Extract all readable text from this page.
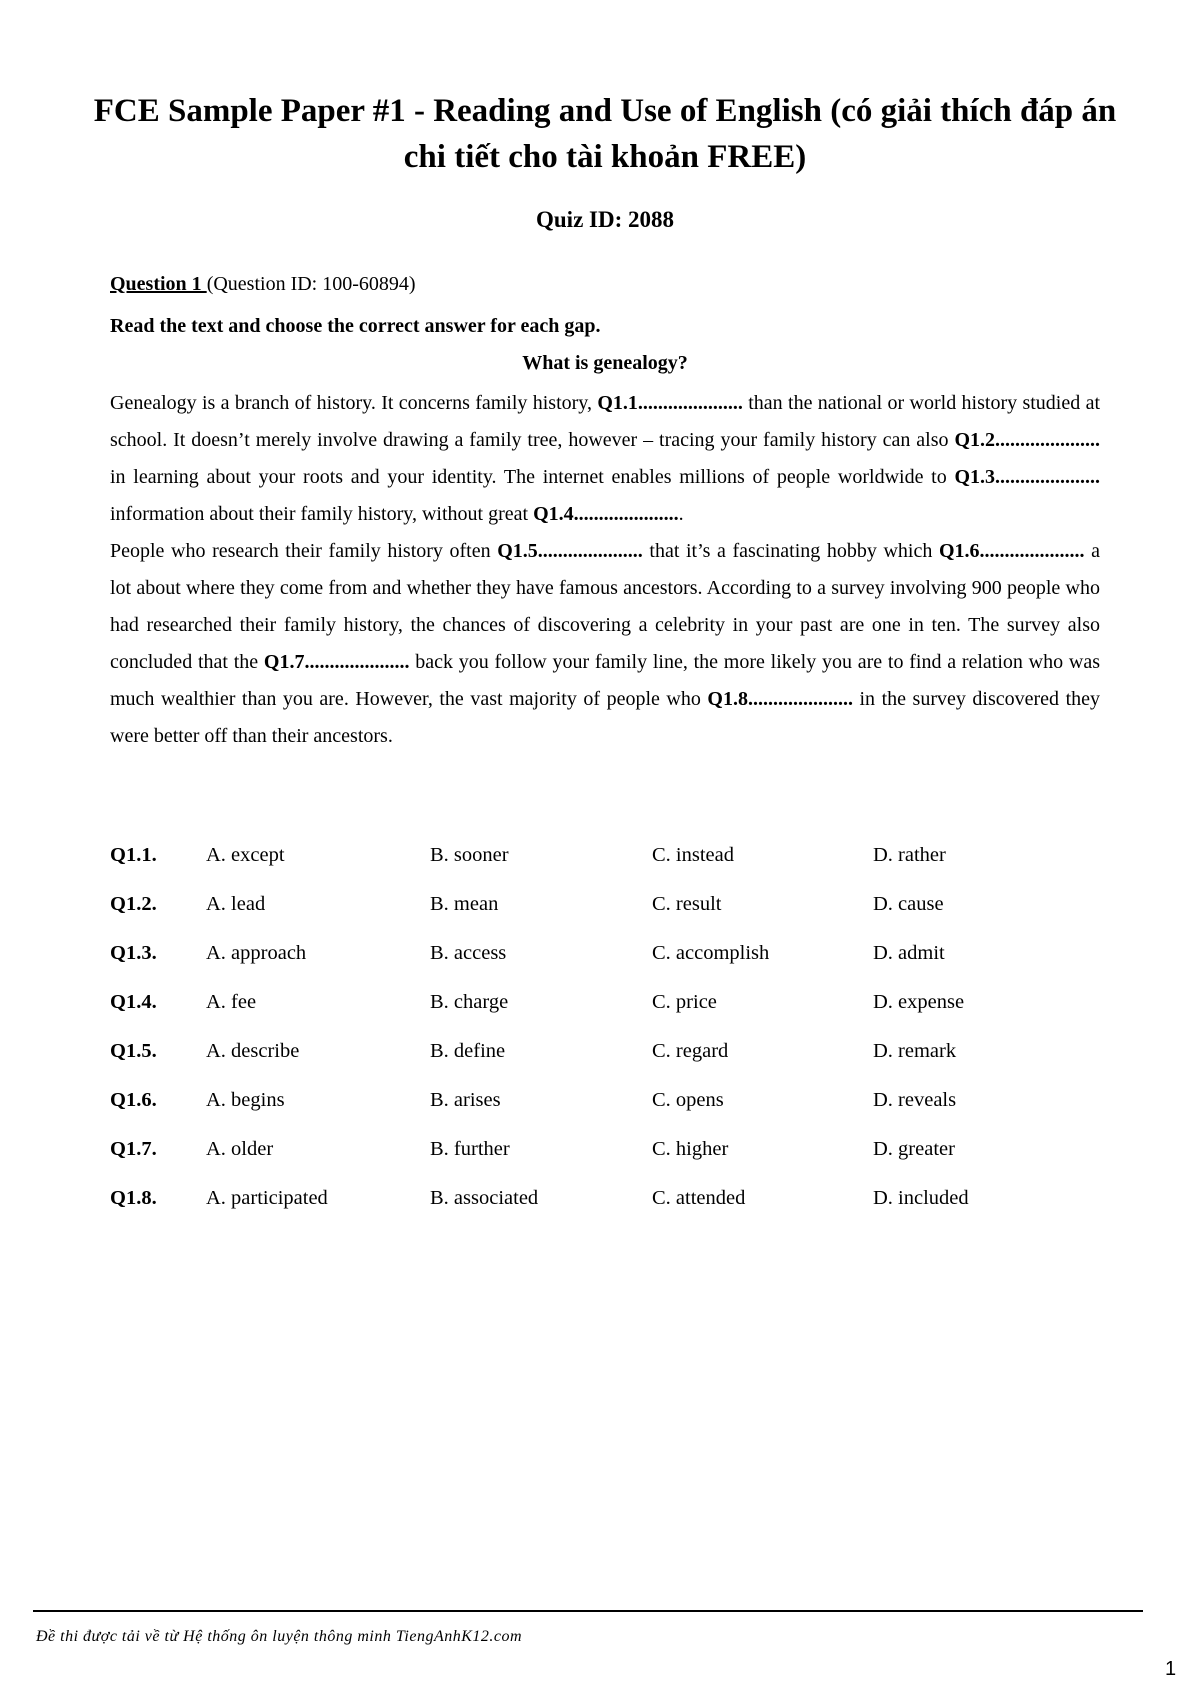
FCE Sample Paper #1 - Reading and Use of English (có giải thích đáp án chi tiết cho tài khoản FREE)
Quiz ID: 2088
Question 1 (Question ID: 100-60894)
Read the text and choose the correct answer for each gap.
What is genealogy?
Genealogy is a branch of history. It concerns family history, Q1.1..................... than the national or world history studied at school. It doesn’t merely involve drawing a family tree, however – tracing your family history can also Q1.2..................... in learning about your roots and your identity. The internet enables millions of people worldwide to Q1.3..................... information about their family history, without great Q1.4......................
People who research their family history often Q1.5..................... that it’s a fascinating hobby which Q1.6..................... a lot about where they come from and whether they have famous ancestors. According to a survey involving 900 people who had researched their family history, the chances of discovering a celebrity in your past are one in ten. The survey also concluded that the Q1.7..................... back you follow your family line, the more likely you are to find a relation who was much wealthier than you are. However, the vast majority of people who Q1.8..................... in the survey discovered they were better off than their ancestors.
Q1.1. A. except	B. sooner	C. instead	D. rather
Q1.2. A. lead	B. mean	C. result	D. cause
Q1.3. A. approach	B. access	C. accomplish	D. admit
Q1.4. A. fee	B. charge	C. price	D. expense
Q1.5. A. describe	B. define	C. regard	D. remark
Q1.6. A. begins	B. arises	C. opens	D. reveals
Q1.7. A. older	B. further	C. higher	D. greater
Q1.8. A. participated	B. associated	C. attended	D. included
Đề thi được tải về từ Hệ thống ôn luyện thông minh TiengAnhK12.com
1
